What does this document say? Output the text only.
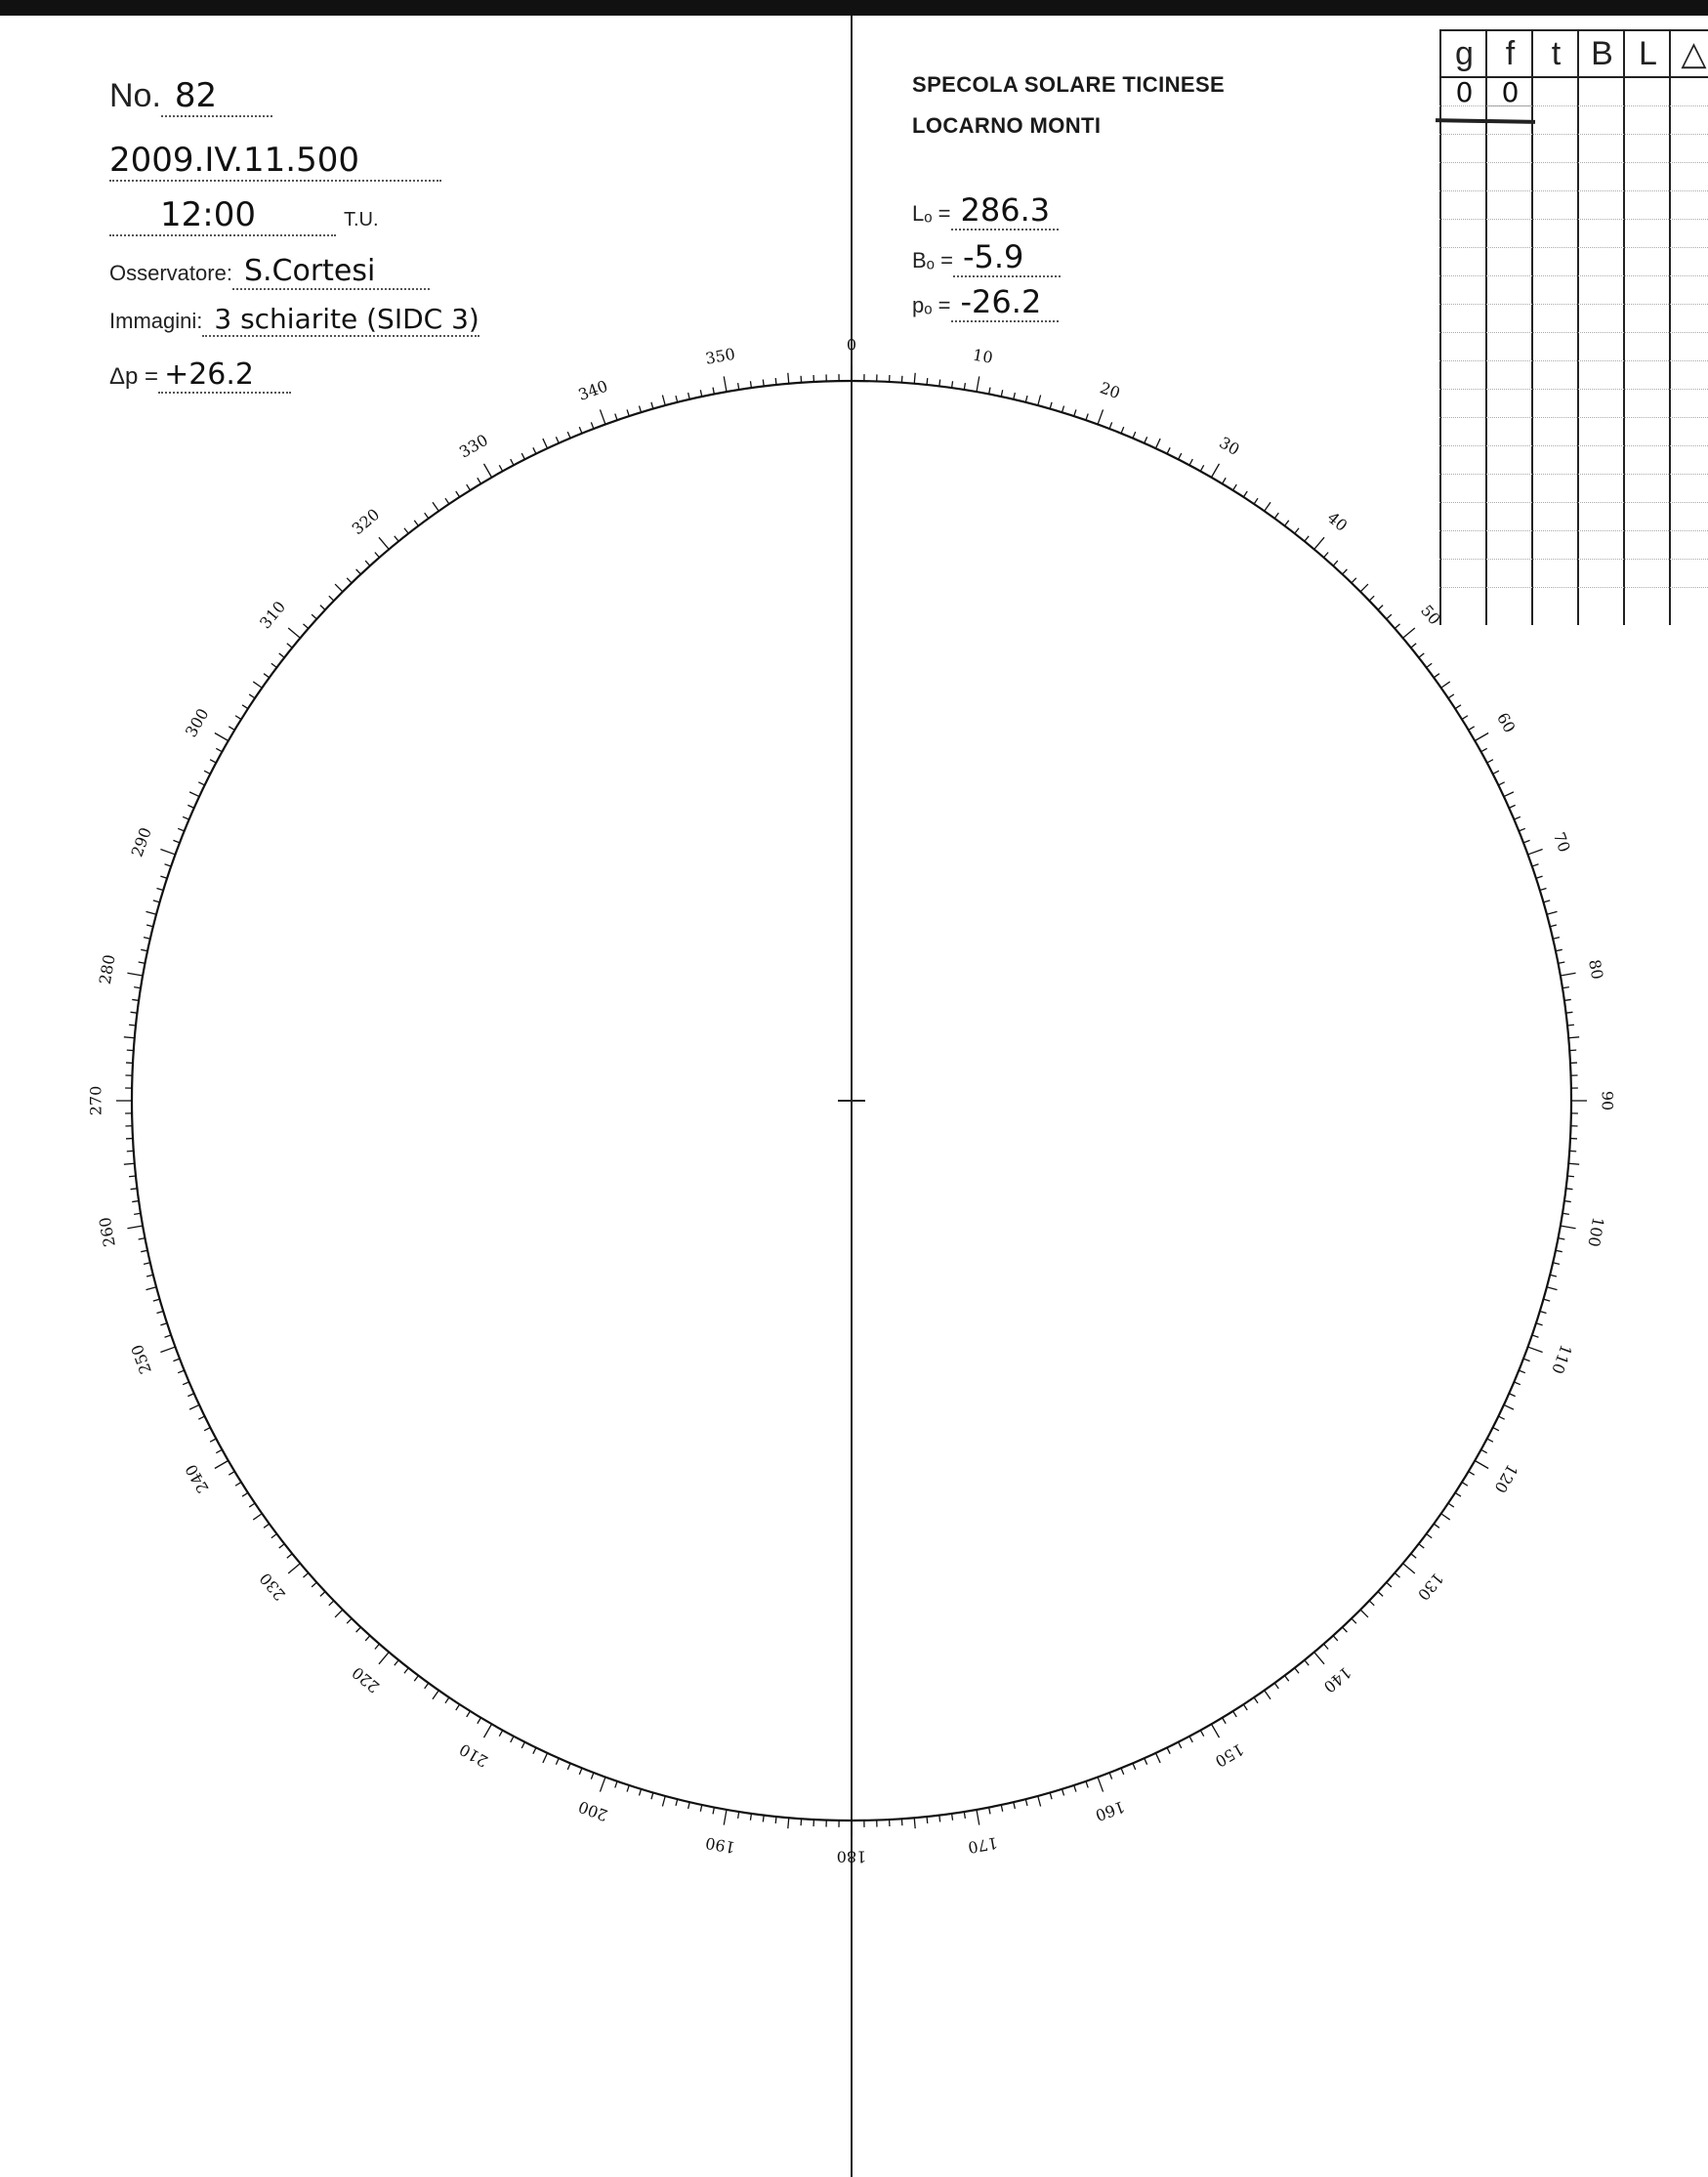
No. 82
2009.IV.11.500
12:00	T.U.
Osservatore: S.Cortesi
Immagini: 3 schiarite (SIDC 3)
Δp = +26.2
SPECOLA SOLARE TICINESE
LOCARNO MONTI
Lₒ = 286.3
Bₒ = -5.9
pₒ = -26.2
g
0
f
0
t B L △
0
10
20
30
40
50
60
70
80
90
100
110
120
130
140
150
160
170
180
190
200
210
220
230
240
250
260
270
280
290
300
310
320
330
340
350
